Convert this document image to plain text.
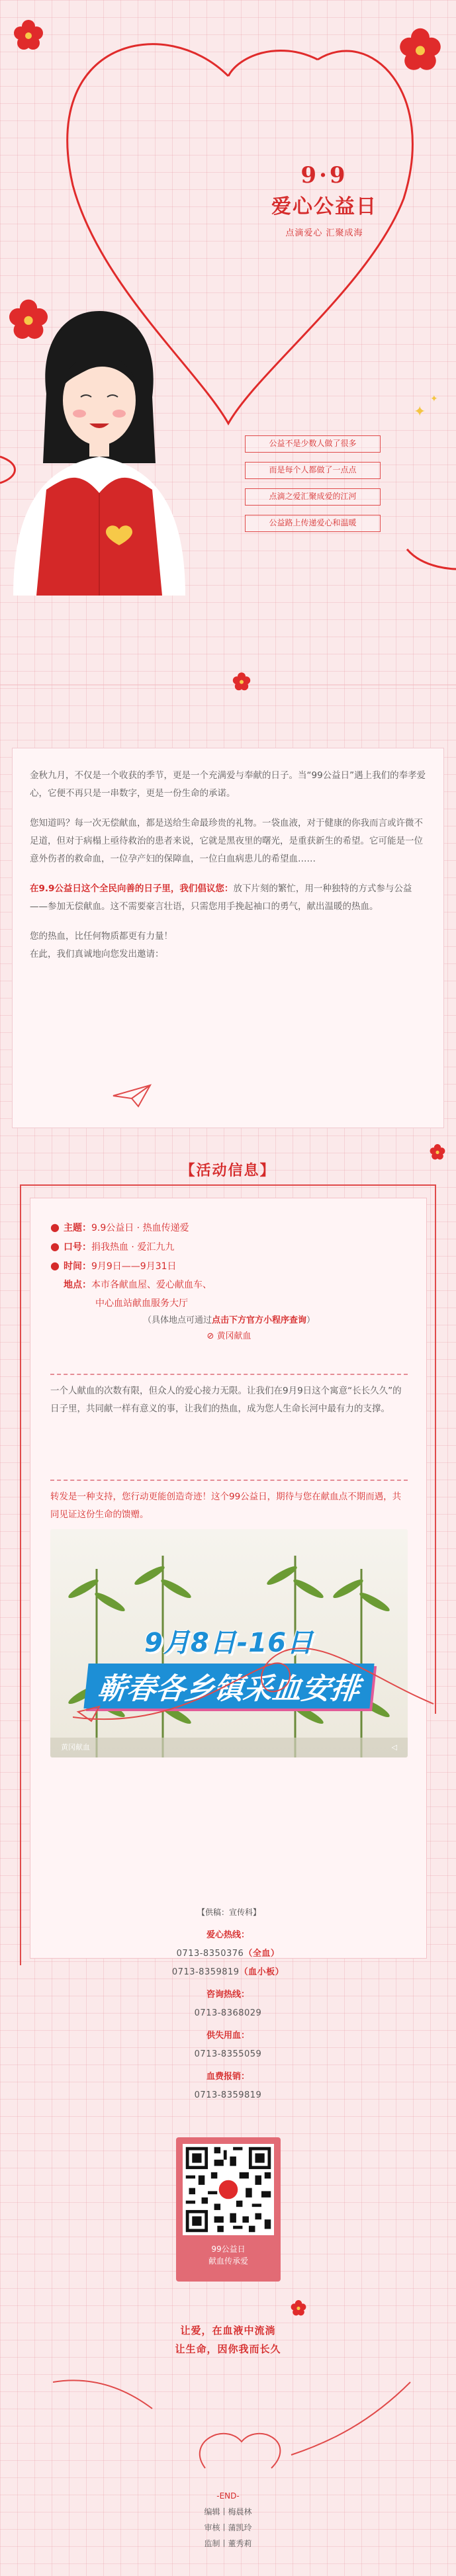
✦
✦
9·9
爱心公益日
点滴爱心 汇聚成海
公益不是少数人做了很多
而是每个人都做了一点点
点滴之爱汇聚成爱的江河
公益路上传递爱心和温暖

金秋九月，不仅是一个收获的季节，更是一个充满爱与奉献的日子。当“99公益日”遇上我们的奉孝爱心，它便不再只是一串数字，更是一份生命的承诺。

您知道吗？每一次无偿献血，都是送给生命最珍贵的礼物。一袋血液，对于健康的你我而言或许微不足道，但对于病榻上亟待救治的患者来说，它就是黑夜里的曙光，是重获新生的希望。它可能是一位意外伤者的救命血，一位孕产妇的保障血，一位白血病患儿的希望血……

在9.9公益日这个全民向善的日子里，我们倡议您：放下片刻的繁忙，用一种独特的方式参与公益——参加无偿献血。这不需要豪言壮语，只需您用手挽起袖口的勇气，献出温暖的热血。

您的热血，比任何物质都更有力量！

在此，我们真诚地向您发出邀请：

【活动信息】
● 主题：9.9公益日 · 热血传递爱
● 口号：捐我热血 · 爱汇九九
● 时间：9月9日——9月31日
地点：本市各献血屋、爱心献血车、
中心血站献血服务大厅
（具体地点可通过点击下方官方小程序查询）
⊘ 黄冈献血
一个人献血的次数有限，但众人的爱心接力无限。让我们在9月9日这个寓意“长长久久”的日子里，共同献一样有意义的事，让我们的热血，成为您人生命长河中最有力的支撑。
转发是一种支持，您行动更能创造奇迹！这个99公益日，期待与您在献血点不期而遇，共同见证这份生命的馈赠。
9月8日-16日
蕲春各乡镇采血安排
黄冈献血	◁
【供稿：宣传科】
爱心热线：
0713-8350376（全血）
0713-8359819（血小板）
咨询热线：
0713-8368029
供失用血：
0713-8355059
血费报销：
0713-8359819
99公益日
献血传承爱
让爱，在血液中流淌
让生命，因你我而长久
-END-
编辑丨梅晨林
审核丨蒲凯玲
监制丨董秀莉
